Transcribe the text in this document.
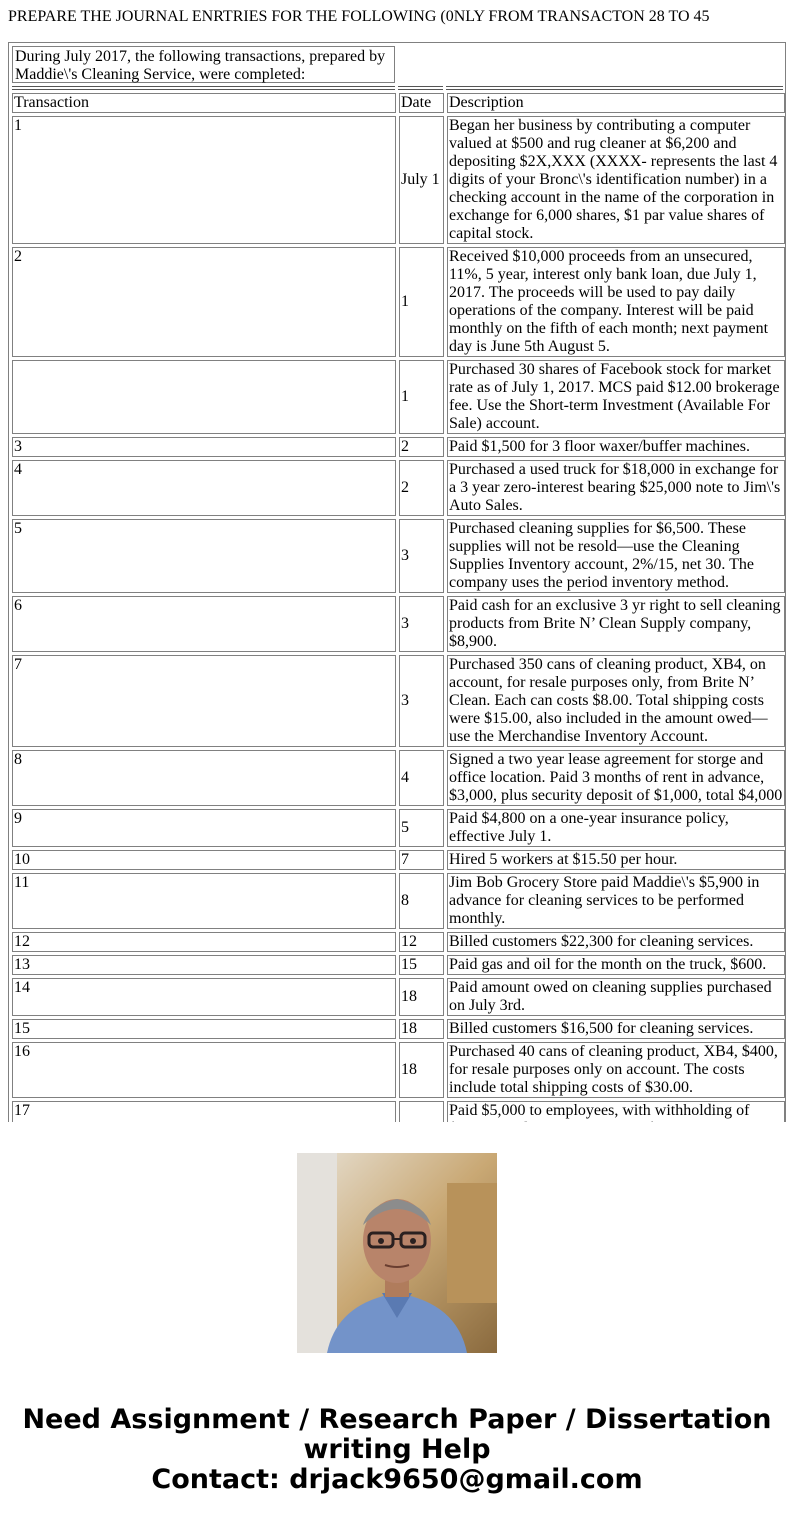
PREPARE THE JOURNAL ENRTRIES FOR THE FOLLOWING (0NLY FROM TRANSACTON 28 TO 45
During July 2017, the following transactions, prepared by Maddie\'s Cleaning Service, were completed:
Transaction	Date	Description
1	July 1	Began her business by contributing a computer valued at $500 and rug cleaner at $6,200 and depositing $2X,XXX (XXXX- represents the last 4 digits of your Bronc\'s identification number) in a checking account in the name of the corporation in exchange for 6,000 shares, $1 par value shares of capital stock.
2	1	Received $10,000 proceeds from an unsecured, 11%, 5 year, interest only bank loan, due July 1, 2017. The proceeds will be used to pay daily operations of the company. Interest will be paid monthly on the fifth of each month; next payment day is June 5th August 5.
	1	Purchased 30 shares of Facebook stock for market rate as of July 1, 2017. MCS paid $12.00 brokerage fee. Use the Short-term Investment (Available For Sale) account.
3	2	Paid $1,500 for 3 floor waxer/buffer machines.
4	2	Purchased a used truck for $18,000 in exchange for a 3 year zero-interest bearing $25,000 note to Jim\'s Auto Sales.
5	3	Purchased cleaning supplies for $6,500. These supplies will not be resold—use the Cleaning Supplies Inventory account, 2%/15, net 30. The company uses the period inventory method.
6	3	Paid cash for an exclusive 3 yr right to sell cleaning products from Brite N’ Clean Supply company, $8,900.
7	3	Purchased 350 cans of cleaning product, XB4, on account, for resale purposes only, from Brite N’ Clean. Each can costs $8.00. Total shipping costs were $15.00, also included in the amount owed—use the Merchandise Inventory Account.
8	4	Signed a two year lease agreement for storge and office location. Paid 3 months of rent in advance, $3,000, plus security deposit of $1,000, total $4,000
9	5	Paid $4,800 on a one-year insurance policy, effective July 1.
10	7	Hired 5 workers at $15.50 per hour.
11	8	Jim Bob Grocery Store paid Maddie\'s $5,900 in advance for cleaning services to be performed monthly.
12	12	Billed customers $22,300 for cleaning services.
13	15	Paid gas and oil for the month on the truck, $600.
14	18	Paid amount owed on cleaning supplies purchased on July 3rd.
15	18	Billed customers $16,500 for cleaning services.
16	18	Purchased 40 cans of cleaning product, XB4, $400, for resale purposes only on account. The costs include total shipping costs of $30.00.
17		Paid $5,000 to employees, with withholding of
Need Assignment / Research Paper / Dissertation
writing Help
Contact: drjack9650@gmail.com
